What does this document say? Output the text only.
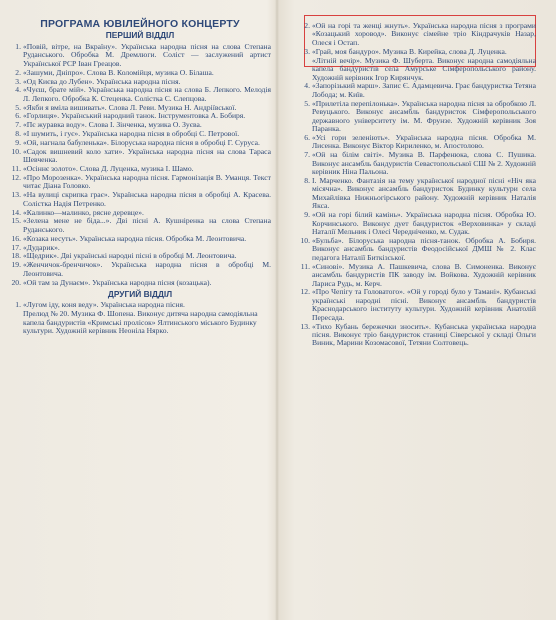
ПРОГРАМА ЮВІЛЕЙНОГО КОНЦЕРТУ
ПЕРШИЙ ВІДДІЛ
1. «Повій, вітре, на Вкраїну». Українська народна пісня на слова Степана Руданського. Обробка М. Дремлюги. Соліст — заслужений артист Української РСР Іван Греацов.
2. «Зашуми, Дніпро». Слова В. Коломійця, музика О. Білаша.
3. «Од Києва до Лубен». Українська народна пісня.
4. «Чуєш, брате мій». Українська народна пісня на слова Б. Лепкого. Мелодія Л. Лепкого. Обробка К. Стеценка. Солістка С. Слепцова.
5. «Якби я вміла вишивать». Слова Л. Реви. Музика Н. Андріївської.
6. «Горлиця». Український народний танок. Інструментовка А. Бобиря.
7. «Пє журавка воду». Слова І. Зінченка, музика О. Зуєва.
8. «І шумить, і гує». Українська народна пісня в обробці С. Петрової.
9. «Ой, нагнала бабуленька». Білоруська народна пісня в обробці Г. Суруса.
10. «Садок вишневий коло хати». Українська народна пісня на слова Тараса Шевченка.
11. «Осіннє золото». Слова Д. Луценка, музика І. Шамо.
12. «Про Морозенка». Українська народна пісня. Гармонізація В. Уманця. Текст читає Діана Головко.
13. «На вулиці скрипка грає». Українська народна пісня в обробці А. Красева. Солістка Надія Петренко.
14. «Калинко—малинко, рясне деревце».
15. «Зелена мене не біда...». Дві пісні А. Кушніренка на слова Степана Руданського.
16. «Козака несуть». Українська народна пісня. Обробка М. Леонтовича.
17. «Дударик».
18. «Щедрик». Дві українські народні пісні в обробці М. Леонтовича.
19. «Женчичок-бренчичок». Українська народна пісня в обробці М. Леонтовича.
20. «Ой там за Дунаєм». Українська народна пісня (козацька).
ДРУГИЙ ВІДДІЛ
1. «Лугом іду, коня веду». Українська народна пісня.
Прелюд № 20. Музика Ф. Шопена. Виконує дитяча народна самодіяльна капела бандуристів «Кримські пролісок» Ялтинського міського Будинку культури. Художній керівник Неоніла Нярко.
2. «Ой на горі та женці жнуть». Українська народна пісня з програми «Козацький хоровод». Виконує сімейне тріо Кіндрачуків Назар, Олеся і Остап.
3. «Грай, моя бандуро». Музика В. Кирейка, слова Д. Луценка.
«Літній вечір». Музика Ф. Шуберта. Виконує народна самодіяльна капела бандуристів села Амурське Сімферопольського району. Художній керівник Ігор Кирянчук.
4. «Запорізький марш». Запис Є. Адамцевича. Грає бандуристка Тетяна Лобода; м. Київ.
5. «Прилетіла перепілонька». Українська народна пісня за обробкою Л. Ревуцького. Виконує ансамбль бандуристок Сімферопольського державного університету ім. М. Фрунзе. Художній керівник Зоя Паранка.
6. «Усі гори зеленіють». Українська народна пісня. Обробка М. Лисенка. Виконує Віктор Кириленко, м. Апостолово.
7. «Ой на білім світі». Музика В. Парфенюка, слова С. Пушика. Виконує ансамбль бандуристів Севастопольської СШ № 2. Художній керівник Ніна Пальона.
8. І. Марченко. Фантазія на тему української народної пісні «Ніч яка місячна». Виконує ансамбль бандуристок Будинку культури села Михайлівка Нижньогірського району. Художній керівник Наталія Якса.
9. «Ой на горі білий камінь». Українська народна пісня. Обробка Ю. Корчинського. Виконує дует бандуристок «Верховинка» у складі Наталії Мельник і Олесі Чередніченко, м. Судак.
10. «Бульба». Білоруська народна пісня-танок. Обробка А. Бобиря. Виконує ансамбль бандуристів Феодосійської ДМШ № 2. Клас педагога Наталії Биткізської.
11. «Синові». Музика А. Пашкевича, слова В. Симоненка. Виконує ансамбль бандуристів ПК заводу ім. Войкова. Художній керівник Лариса Рудь, м. Керч.
12. «Про Чепігу та Головатого». «Ой у городі було у Тамані». Кубанські українські народні пісні. Виконує ансамбль бандуристів Краснодарського інституту культури. Художній керівник Анатолій Пересада.
13. «Тихо Кубань бережечки зносить». Кубанська українська народна пісня. Виконує тріо бандуристок станиці Сіверської у складі Ольги Виник, Марини Козомасової, Тетяни Солтовець.
